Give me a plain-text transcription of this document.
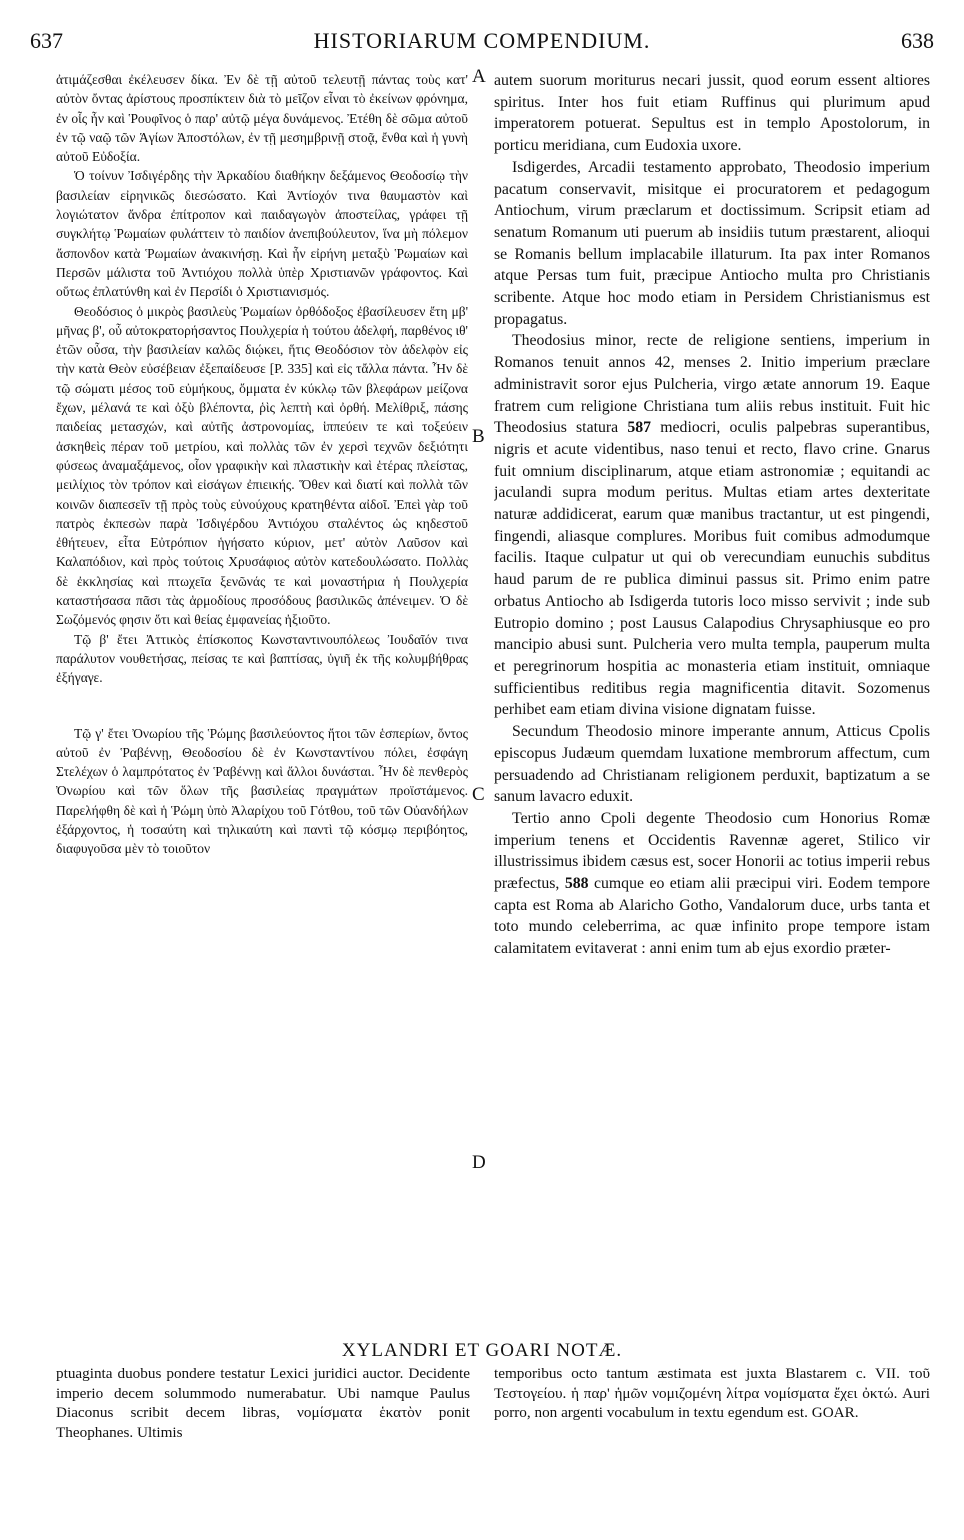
637	HISTORIARUM COMPENDIUM.	638

ἀτιμάζεσθαι ἐκέλευσεν δίκα. Ἐν δὲ τῇ αὐτοῦ τελευτῇ πάντας τοὺς κατ' αὐτὸν ὄντας ἀρίστους προσπίκτειν διὰ τὸ μεῖζον εἶναι τὸ ἐκείνων φρόνημα, ἐν οἷς ἦν καὶ Ῥουφῖνος ὁ παρ' αὐτῷ μέγα δυνάμενος. Ἐτέθη δὲ σῶμα αὐτοῦ ἐν τῷ ναῷ τῶν Ἁγίων Ἀποστόλων, ἐν τῇ μεσημβρινῇ στοᾷ, ἔνθα καὶ ἡ γυνὴ αὐτοῦ Εὐδοξία.

Ὁ τοίνυν Ἰσδιγέρδης τὴν Ἀρκαδίου διαθήκην δεξάμενος Θεοδοσίῳ τὴν βασιλείαν εἰρηνικῶς διεσώσατο. Καὶ Ἀντίοχόν τινα θαυμαστὸν καὶ λογιώτατον ἄνδρα ἐπίτροπον καὶ παιδαγωγὸν ἀποστείλας, γράφει τῇ συγκλήτῳ Ῥωμαίων φυλάττειν τὸ παιδίον ἀνεπιβούλευτον, ἵνα μὴ πόλεμον ἄσπονδον κατὰ Ῥωμαίων ἀνακινήσῃ. Καὶ ἦν εἰρήνη μεταξὺ Ῥωμαίων καὶ Περσῶν μάλιστα τοῦ Ἀντιόχου πολλὰ ὑπὲρ Χριστιανῶν γράφοντος. Καὶ οὕτως ἐπλατύνθη καὶ ἐν Περσίδι ὁ Χριστιανισμός.

Θεοδόσιος ὁ μικρὸς βασιλεὺς Ῥωμαίων ὀρθόδοξος ἐβασίλευσεν ἔτη μβ' μῆνας β', οὗ αὐτοκρατορήσαντος Πουλχερία ἡ τούτου ἀδελφή, παρθένος ιθ' ἐτῶν οὖσα, τὴν βασιλείαν καλῶς διῴκει, ἥτις Θεοδόσιον τὸν ἀδελφὸν εἰς τὴν κατὰ Θεὸν εὐσέβειαν ἐξεπαίδευσε [P. 335] καὶ εἰς τἄλλα πάντα. Ἦν δὲ τῷ σώματι μέσος τοῦ εὐμήκους, ὄμματα ἐν κύκλῳ τῶν βλεφάρων μείζονα ἔχων, μέλανά τε καὶ ὀξὺ βλέποντα, ῥὶς λεπτὴ καὶ ὀρθή. Μελίθριξ, πάσης παιδείας μετασχών, καὶ αὐτῆς ἀστρονομίας, ἱππεύειν τε καὶ τοξεύειν ἀσκηθεὶς πέραν τοῦ μετρίου, καὶ πολλὰς τῶν ἐν χερσὶ τεχνῶν δεξιότητι φύσεως ἀναμαξάμενος, οἷον γραφικὴν καὶ πλαστικὴν καὶ ἑτέρας πλείστας, μειλίχιος τὸν τρόπον καὶ εἰσάγων ἐπιεικής. Ὅθεν καὶ διατί καὶ πολλὰ τῶν κοινῶν διαπεσεῖν τῇ πρὸς τοὺς εὐνούχους κρατηθέντα αἰδοῖ. Ἐπεὶ γὰρ τοῦ πατρὸς ἐκπεσὼν παρὰ Ἰσδιγέρδου Ἀντιόχου σταλέντος ὡς κηδεστοῦ ἐθήτευεν, εἶτα Εὐτρόπιον ἡγήσατο κύριον, μετ' αὐτὸν Λαῦσον καὶ Καλαπόδιον, καὶ πρὸς τούτοις Χρυσάφιος αὐτὸν κατεδουλώσατο. Πολλὰς δὲ ἐκκλησίας καὶ πτωχεῖα ξενῶνάς τε καὶ μοναστήρια ἡ Πουλχερία καταστήσασα πᾶσι τὰς ἁρμοδίους προσόδους βασιλικῶς ἀπένειμεν. Ὁ δὲ Σωζόμενός φησιν ὅτι καὶ θείας ἐμφανείας ἠξιοῦτο.

Τῷ β' ἔτει Ἀττικὸς ἐπίσκοπος Κωνσταντινουπόλεως Ἰουδαῖόν τινα παράλυτον νουθετήσας, πείσας τε καὶ βαπτίσας, ὑγιῆ ἐκ τῆς κολυμβήθρας ἐξήγαγε.

Τῷ γ' ἔτει Ὀνωρίου τῆς Ῥώμης βασιλεύοντος ἤτοι τῶν ἑσπερίων, ὄντος αὐτοῦ ἐν Ῥαβέννῃ, Θεοδοσίου δὲ ἐν Κωνσταντίνου πόλει, ἐσφάγη Στελέχων ὁ λαμπρότατος ἐν Ῥαβέννῃ καὶ ἄλλοι δυνάσται. Ἦν δὲ πενθερὸς Ὀνωρίου καὶ τῶν ὅλων τῆς βασιλείας πραγμάτων προϊστάμενος. Παρελήφθη δὲ καὶ ἡ Ῥώμη ὑπὸ Ἀλαρίχου τοῦ Γότθου, τοῦ τῶν Οὐανδήλων ἐξάρχοντος, ἡ τοσαύτη καὶ τηλικαύτη καὶ παντὶ τῷ κόσμῳ περιβόητος, διαφυγοῦσα μὲν τὸ τοιοῦτον

A
B
C
D

autem suorum moriturus necari jussit, quod eorum essent altiores spiritus. Inter hos fuit etiam Ruffinus qui plurimum apud imperatorem potuerat. Sepultus est in templo Apostolorum, in porticu meridiana, cum Eudoxia uxore.

Isdigerdes, Arcadii testamento approbato, Theodosio imperium pacatum conservavit, misitque ei procuratorem et pedagogum Antiochum, virum præclarum et doctissimum. Scripsit etiam ad senatum Romanum uti puerum ab insidiis tutum præstarent, alioqui se Romanis bellum implacabile illaturum. Ita pax inter Romanos atque Persas tum fuit, præcipue Antiocho multa pro Christianis scribente. Atque hoc modo etiam in Persidem Christianismus est propagatus.

Theodosius minor, recte de religione sentiens, imperium in Romanos tenuit annos 42, menses 2. Initio imperium præclare administravit soror ejus Pulcheria, virgo ætate annorum 19. Eaque fratrem cum religione Christiana tum aliis rebus instituit. Fuit hic Theodosius statura 587 mediocri, oculis palpebras superantibus, nigris et acute videntibus, naso tenui et recto, flavo crine. Gnarus fuit omnium disciplinarum, atque etiam astronomiæ ; equitandi ac jaculandi supra modum peritus. Multas etiam artes dexteritate naturæ addidicerat, earum quæ manibus tractantur, ut est pingendi, fingendi, aliasque complures. Moribus fuit comibus admodumque facilis. Itaque culpatur ut qui ob verecundiam eunuchis subditus haud parum de re publica diminui passus sit. Primo enim patre orbatus Antiocho ab Isdigerda tutoris loco misso servivit ; inde sub Eutropio domino ; post Lausus Calapodius Chrysaphiusque eo pro mancipio abusi sunt. Pulcheria vero multa templa, pauperum multa et peregrinorum hospitia ac monasteria etiam instituit, omniaque sufficientibus reditibus regia magnificentia ditavit. Sozomenus perhibet eam etiam divina visione dignatam fuisse.

Secundum Theodosio minore imperante annum, Atticus Cpolis episcopus Judæum quemdam luxatione membrorum affectum, cum persuadendo ad Christianam religionem perduxit, baptizatum a se sanum lavacro eduxit.

Tertio anno Cpoli degente Theodosio cum Honorius Romæ imperium tenens et Occidentis Ravennæ ageret, Stilico vir illustrissimus ibidem cæsus est, socer Honorii ac totius imperii rebus præfectus, 588 cumque eo etiam alii præcipui viri. Eodem tempore capta est Roma ab Alaricho Gotho, Vandalorum duce, urbs tanta et toto mundo celeberrima, ac quæ infinito prope tempore istam calamitatem evitaverat : anni enim tum ab ejus exordio præter-

XYLANDRI ET GOARI NOTÆ.

ptuaginta duobus pondere testatur Lexici juridici auctor. Decidente imperio decem solummodo numerabatur. Ubi namque Paulus Diaconus scribit decem libras, νομίσματα ἑκατὸν ponit Theophanes. Ultimis

temporibus octo tantum æstimata est juxta Blastarem c. VII. τοῦ Τεστογείου. ἡ παρ' ἡμῶν νομιζομένη λίτρα νομίσματα ἔχει ὀκτώ. Auri porro, non argenti vocabulum in textu egendum est. GOAR.
